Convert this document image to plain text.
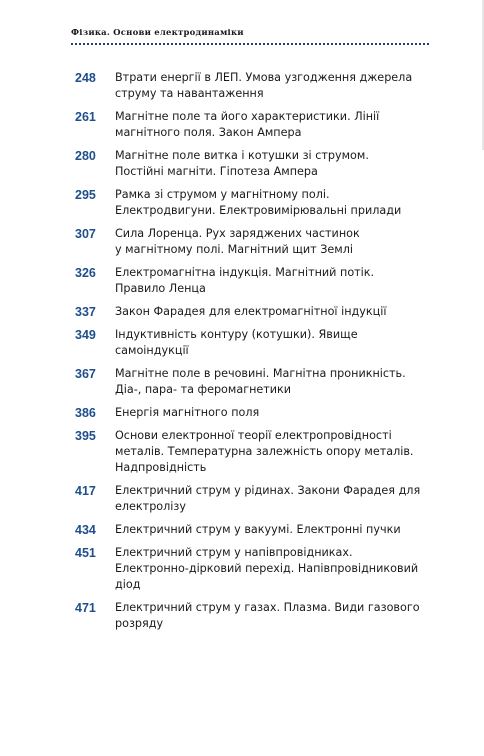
Фізика. Основи електродинаміки
248	Втрати енергії в ЛЕП. Умова узгодження джерела
струму та навантаження
261	Магнітне поле та його характеристики. Лінії
магнітного поля. Закон Ампера
280	Магнітне поле витка і котушки зі струмом.
Постійні магніти. Гіпотеза Ампера
295	Рамка зі струмом у магнітному полі.
Електродвигуни. Електровимірювальні прилади
307	Сила Лоренца. Рух заряджених частинок
у магнітному полі. Магнітний щит Землі
326	Електромагнітна індукція. Магнітний потік.
Правило Ленца
337	Закон Фарадея для електромагнітної індукції
349	Індуктивність контуру (котушки). Явище
самоіндукції
367	Магнітне поле в речовині. Магнітна проникність.
Діа-, пара- та феромагнетики
386	Енергія магнітного поля
395	Основи електронної теорії електропровідності
металів. Температурна залежність опору металів.
Надпровідність
417	Електричний струм у рідинах. Закони Фарадея для
електролізу
434	Електричний струм у вакуумі. Електронні пучки
451	Електричний струм у напівпровідниках.
Електронно-дірковий перехід. Напівпровідниковий
діод
471	Електричний струм у газах. Плазма. Види газового
розряду
